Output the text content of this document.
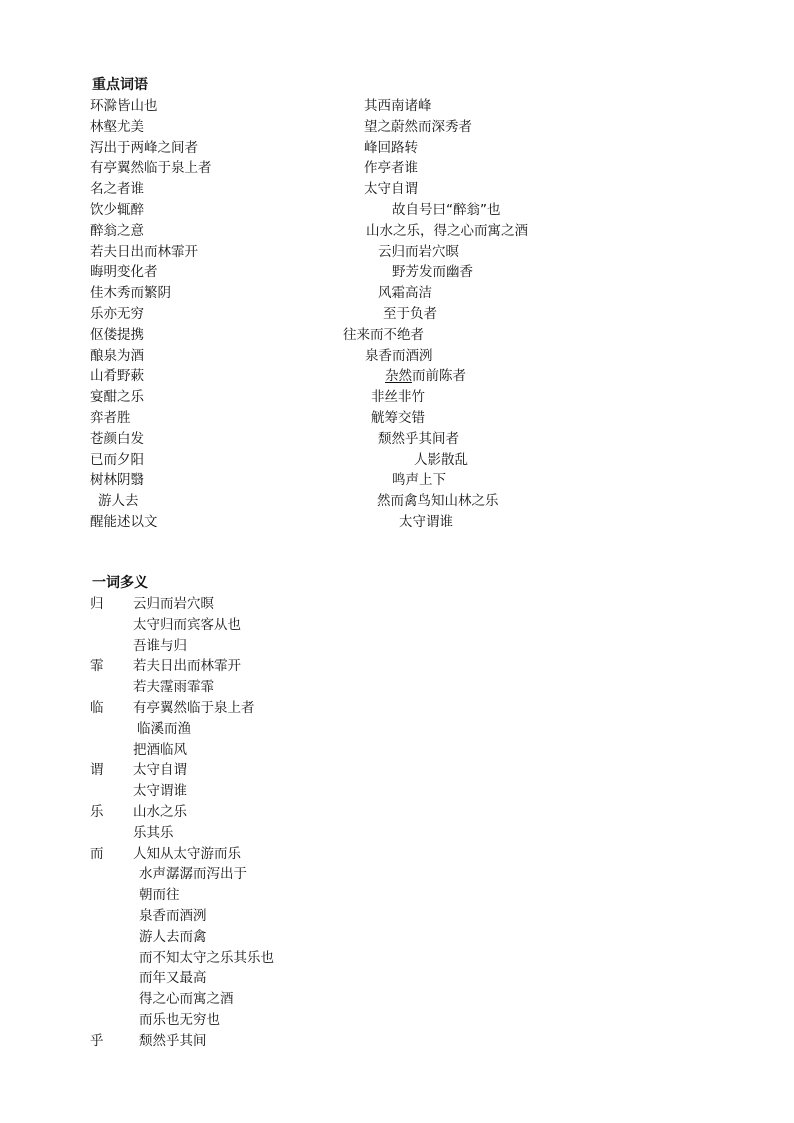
重点词语
环滁皆山也
林壑尤美
泻出于两峰之间者
有亭翼然临于泉上者
名之者谁
饮少辄醉
醉翁之意
若夫日出而林霏开
晦明变化者
佳木秀而繁阴
乐亦无穷
伛偻提携
酿泉为酒
山肴野蔌
宴酣之乐
弈者胜
苍颜白发
已而夕阳
树林阴翳
游人去
醒能述以文
其西南诸峰
望之蔚然而深秀者
峰回路转
作亭者谁
太守自谓
故自号曰“醉翁”也
山水之乐，得之心而寓之酒
云归而岩穴暝
野芳发而幽香
风霜高洁
至于负者
往来而不绝者
泉香而酒洌
杂然而前陈者
非丝非竹
觥筹交错
颓然乎其间者
人影散乱
鸣声上下
然而禽鸟知山林之乐
太守谓谁
一词多义
归 云归而岩穴暝
太守归而宾客从也
吾谁与归
霏 若夫日出而林霏开
若夫霪雨霏霏
临 有亭翼然临于泉上者
临溪而渔
把酒临风
谓 太守自谓
太守谓谁
乐 山水之乐
乐其乐
而 人知从太守游而乐
水声潺潺而泻出于
朝而往
泉香而酒洌
游人去而禽
而不知太守之乐其乐也
而年又最高
得之心而寓之酒
而乐也无穷也
乎	颓然乎其间
